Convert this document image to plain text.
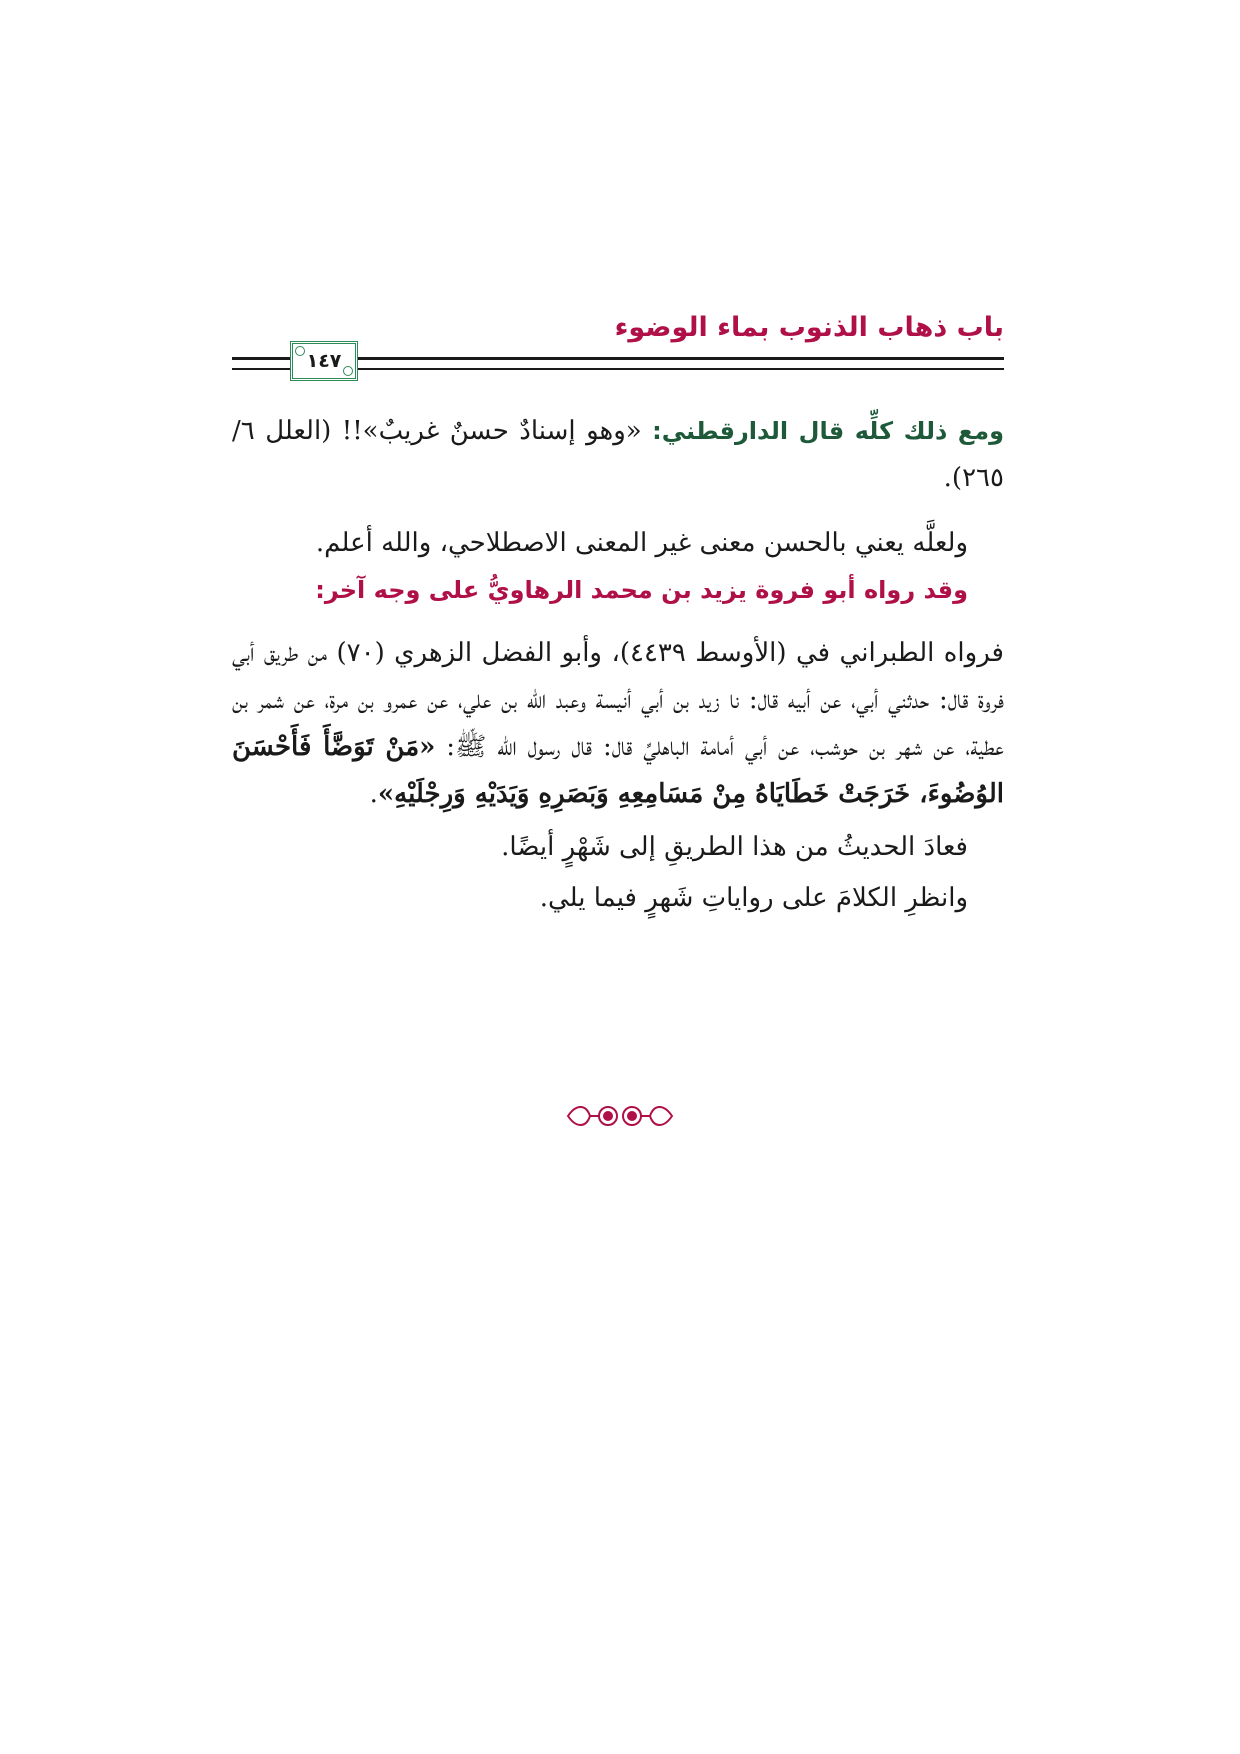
باب ذهاب الذنوب بماء الوضوء
١٤٧

ومع ذلك كلِّه قال الدارقطني: «وهو إسنادٌ حسنٌ غريبٌ»!! (العلل ٦/ ٢٦٥).

ولعلَّه يعني بالحسن معنى غير المعنى الاصطلاحي، والله أعلم.

وقد رواه أبو فروة يزيد بن محمد الرهاويُّ على وجه آخر:

فرواه الطبراني في (الأوسط ٤٤٣٩)، وأبو الفضل الزهري (٧٠) من طريق أبي فروة قال: حدثني أبي، عن أبيه قال: نا زيد بن أبي أنيسة وعبد الله بن علي، عن عمرو بن مرة، عن شمر بن عطية، عن شهر بن حوشب، عن أبي أمامة الباهليِّ قال: قال رسول الله ﷺ: «مَنْ تَوَضَّأَ فَأَحْسَنَ الوُضُوءَ، خَرَجَتْ خَطَايَاهُ مِنْ مَسَامِعِهِ وَبَصَرِهِ وَيَدَيْهِ وَرِجْلَيْهِ».

فعادَ الحديثُ من هذا الطريقِ إلى شَهْرٍ أيضًا.

وانظرِ الكلامَ على رواياتِ شَهرٍ فيما يلي.
